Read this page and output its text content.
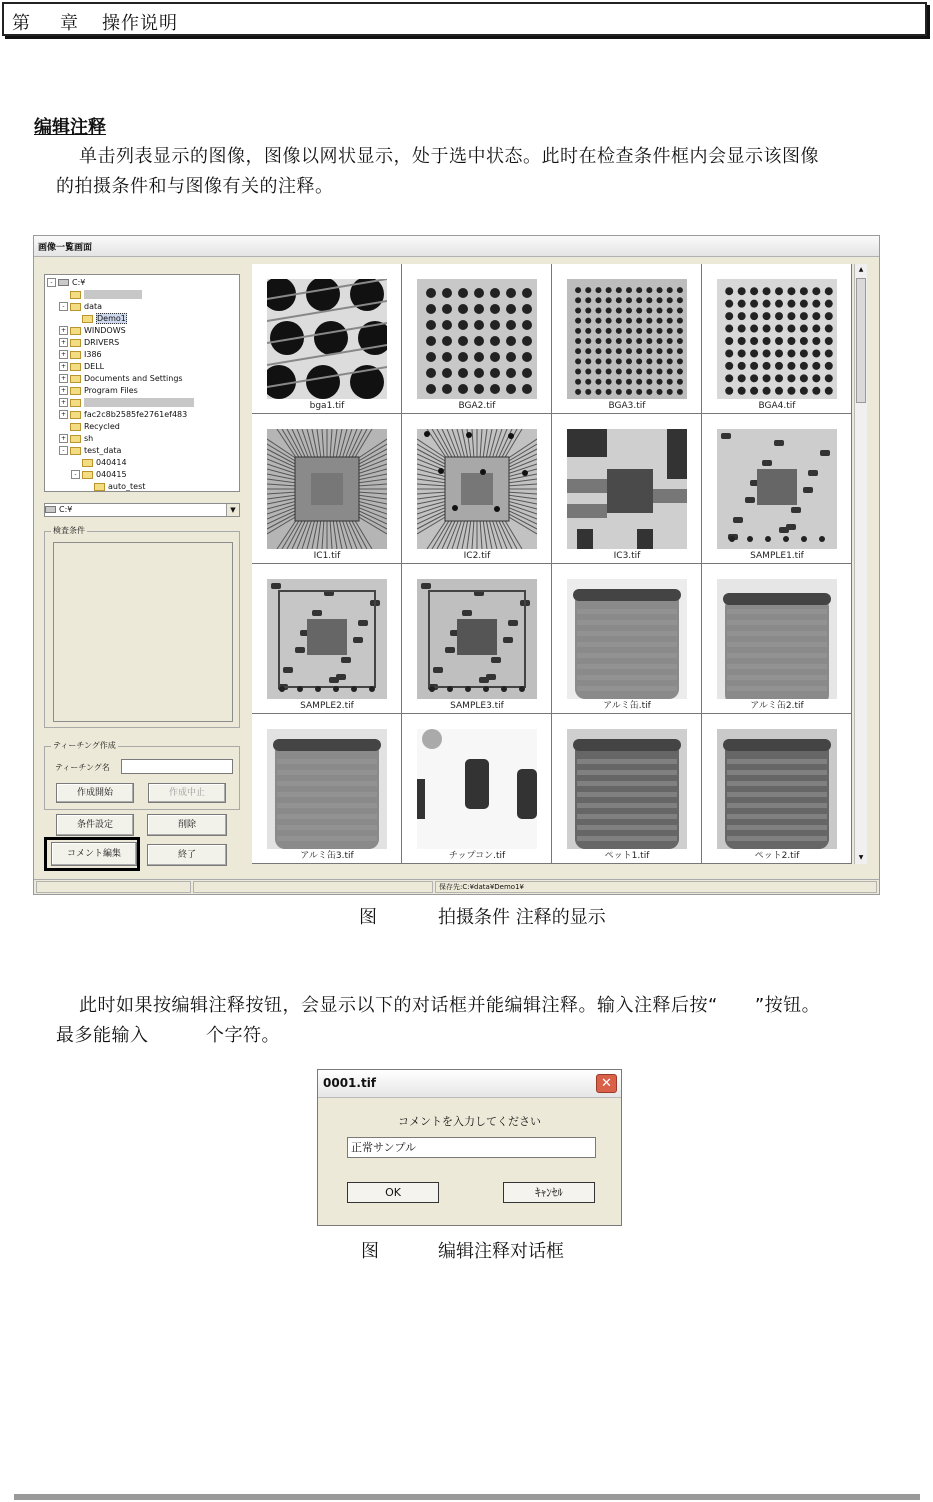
第 章 操作说明
编辑注释
单击列表显示的图像，图像以网状显示，处于选中状态。此时在检查条件框内会显示该图像
的拍摄条件和与图像有关的注释。
画像一覧画面
- C:¥
- data
Demo1
+ WINDOWS
+ DRIVERS
+ I386
+ DELL
+ Documents and Settings
+ Program Files
+
+ fac2c8b2585fe2761ef483
Recycled
+ sh
- test_data
040414
- 040415
auto_test
C:¥	▼
検査条件
ティーチング作成
ティーチング名
作成開始	作成中止
条件設定	削除
コメント編集	終了
bga1.tif	BGA2.tif	BGA3.tif	BGA4.tif
IC1.tif	IC2.tif	IC3.tif	SAMPLE1.tif
SAMPLE2.tif	SAMPLE3.tif	アルミ缶.tif	アルミ缶2.tif
アルミ缶3.tif	チップコン.tif	ペット1.tif	ペット2.tif
▲
▼
保存先:C:¥data¥Demo1¥
图	拍摄条件 注释的显示
此时如果按编辑注释按钮，会显示以下的对话框并能编辑注释。输入注释后按“　　”按钮。
最多能输入	个字符。
0001.tif	✕
コメントを入力してください
正常サンプル
OK	ｷｬﾝｾﾙ
图	编辑注释对话框
